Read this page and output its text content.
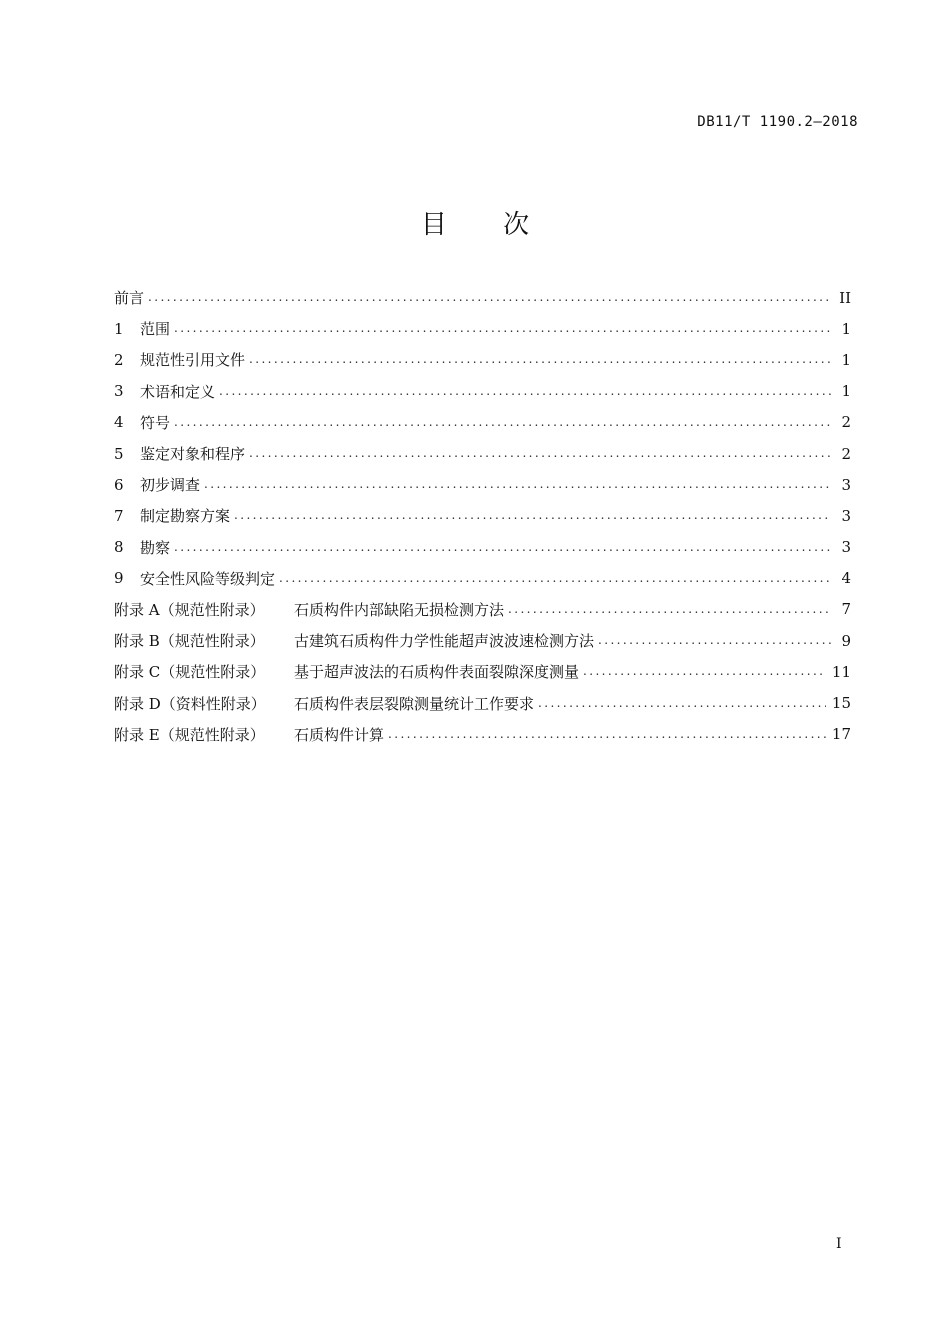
DB11/T 1190.2—2018
目 次
前言 .....	II
1	范围 .....	1
2	规范性引用文件 .....	1
3	术语和定义 .....	1
4	符号 .....	2
5	鉴定对象和程序 .....	2
6	初步调查 .....	3
7	制定勘察方案 .....	3
8	勘察 .....	3
9	安全性风险等级判定 .....	4
附录 A（规范性附录）	石质构件内部缺陷无损检测方法 .....	7
附录 B（规范性附录）	古建筑石质构件力学性能超声波波速检测方法 .....	9
附录 C（规范性附录）	基于超声波法的石质构件表面裂隙深度测量 .....	11
附录 D（资料性附录）	石质构件表层裂隙测量统计工作要求 .....	15
附录 E（规范性附录）	石质构件计算 .....	17
I
